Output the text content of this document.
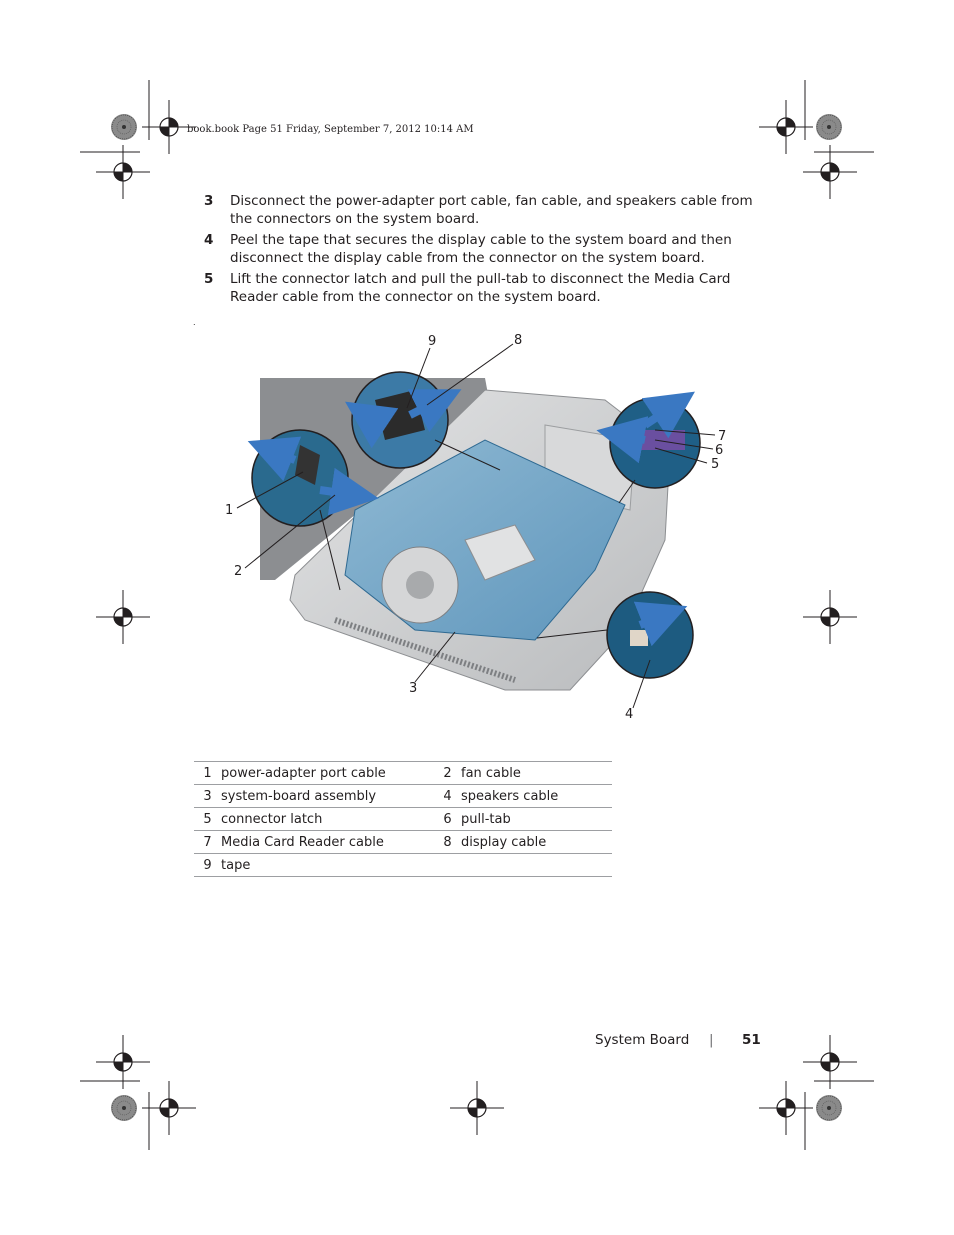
book.book Page 51 Friday, September 7, 2012 10:14 AM
3 Disconnect the power-adapter port cable, fan cable, and speakers cable from the connectors on the system board.
4 Peel the tape that secures the display cable to the system board and then disconnect the display cable from the connector on the system board.
5 Lift the connector latch and pull the pull-tab to disconnect the Media Card Reader cable from the connector on the system board.
.
1
2
3
4
5
6
7
8
9
1	power-adapter port cable	2	fan cable
3	system-board assembly	4	speakers cable
5	connector latch	6	pull-tab
7	Media Card Reader cable	8	display cable
9	tape		
System Board | 51
